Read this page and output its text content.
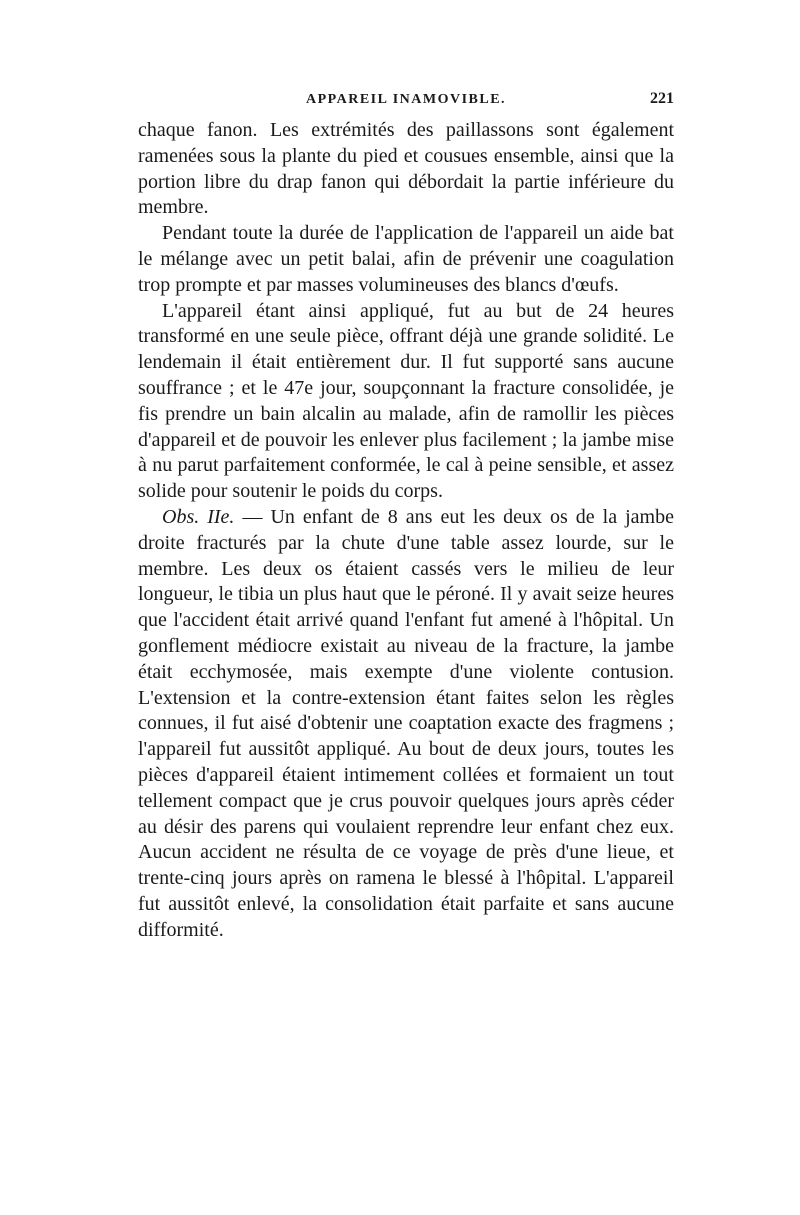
APPAREIL INAMOVIBLE.	221

chaque fanon. Les extrémités des paillassons sont également ramenées sous la plante du pied et cousues ensemble, ainsi que la portion libre du drap fanon qui débordait la partie inférieure du membre.

Pendant toute la durée de l'application de l'appareil un aide bat le mélange avec un petit balai, afin de prévenir une coagulation trop prompte et par masses volumineuses des blancs d'œufs.

L'appareil étant ainsi appliqué, fut au but de 24 heures transformé en une seule pièce, offrant déjà une grande solidité. Le lendemain il était entièrement dur. Il fut supporté sans aucune souffrance ; et le 47e jour, soupçonnant la fracture consolidée, je fis prendre un bain alcalin au malade, afin de ramollir les pièces d'appareil et de pouvoir les enlever plus facilement ; la jambe mise à nu parut parfaitement conformée, le cal à peine sensible, et assez solide pour soutenir le poids du corps.

Obs. IIe. — Un enfant de 8 ans eut les deux os de la jambe droite fracturés par la chute d'une table assez lourde, sur le membre. Les deux os étaient cassés vers le milieu de leur longueur, le tibia un plus haut que le péroné. Il y avait seize heures que l'accident était arrivé quand l'enfant fut amené à l'hôpital. Un gonflement médiocre existait au niveau de la fracture, la jambe était ecchymosée, mais exempte d'une violente contusion. L'extension et la contre-extension étant faites selon les règles connues, il fut aisé d'obtenir une coaptation exacte des fragmens ; l'appareil fut aussitôt appliqué. Au bout de deux jours, toutes les pièces d'appareil étaient intimement collées et formaient un tout tellement compact que je crus pouvoir quelques jours après céder au désir des parens qui voulaient reprendre leur enfant chez eux. Aucun accident ne résulta de ce voyage de près d'une lieue, et trente-cinq jours après on ramena le blessé à l'hôpital. L'appareil fut aussitôt enlevé, la consolidation était parfaite et sans aucune difformité.
